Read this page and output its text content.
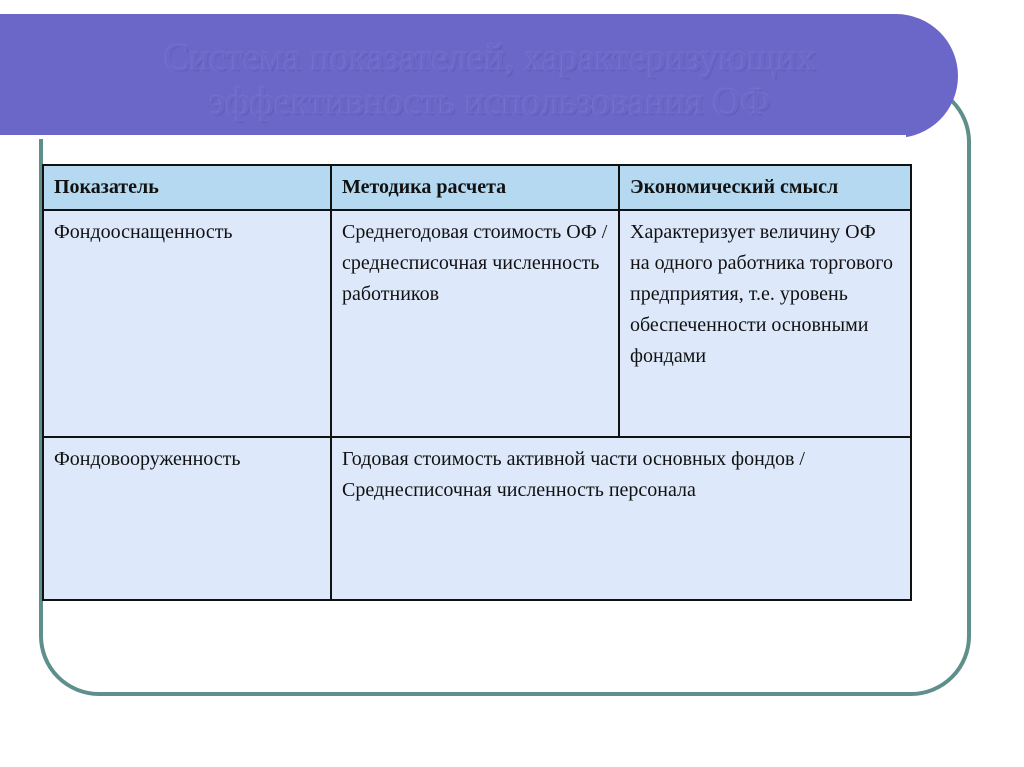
Система показателей, характеризующих эффективность использования ОФ
Показатель	Методика расчета	Экономический смысл
Фондооснащенность	Среднегодовая стоимость ОФ / среднесписочная численность работников	Характеризует величину ОФ на одного работника торгового предприятия, т.е. уровень обеспеченности основными фондами
Фондовооруженность	Годовая стоимость активной части основных фондов / Среднесписочная численность персонала	
